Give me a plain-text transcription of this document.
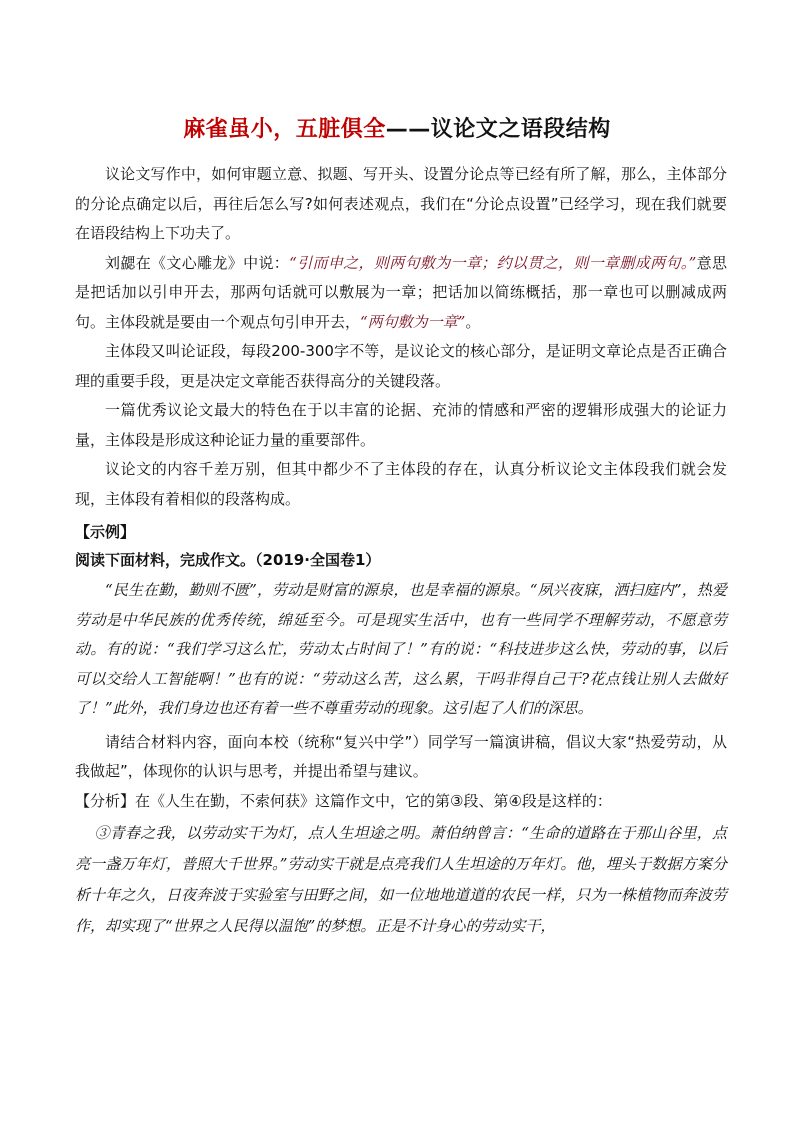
麻雀虽小，五脏俱全——议论文之语段结构

议论文写作中，如何审题立意、拟题、写开头、设置分论点等已经有所了解，那么，主体部分的分论点确定以后，再往后怎么写?如何表述观点，我们在“分论点设置”已经学习，现在我们就要在语段结构上下功夫了。

刘勰在《文心雕龙》中说：“引而申之，则两句敷为一章；约以贯之，则一章删成两句。”意思是把话加以引申开去，那两句话就可以敷展为一章；把话加以简练概括，那一章也可以删减成两句。主体段就是要由一个观点句引申开去，“两句敷为一章”。

主体段又叫论证段，每段200-300字不等，是议论文的核心部分，是证明文章论点是否正确合理的重要手段，更是决定文章能否获得高分的关键段落。

一篇优秀议论文最大的特色在于以丰富的论据、充沛的情感和严密的逻辑形成强大的论证力量，主体段是形成这种论证力量的重要部件。

议论文的内容千差万别，但其中都少不了主体段的存在，认真分析议论文主体段我们就会发现，主体段有着相似的段落构成。

【示例】

阅读下面材料，完成作文。（2019·全国卷1）

“民生在勤，勤则不匮”，劳动是财富的源泉，也是幸福的源泉。“夙兴夜寐，洒扫庭内”，热爱劳动是中华民族的优秀传统，绵延至今。可是现实生活中，也有一些同学不理解劳动，不愿意劳动。有的说：“我们学习这么忙，劳动太占时间了！”有的说：“科技进步这么快，劳动的事，以后可以交给人工智能啊！”也有的说：“劳动这么苦，这么累，干吗非得自己干?花点钱让别人去做好了！”此外，我们身边也还有着一些不尊重劳动的现象。这引起了人们的深思。

请结合材料内容，面向本校（统称“复兴中学”）同学写一篇演讲稿，倡议大家“热爱劳动，从我做起”，体现你的认识与思考，并提出希望与建议。

【分析】在《人生在勤，不索何获》这篇作文中，它的第③段、第④段是这样的：

③青春之我，以劳动实干为灯，点人生坦途之明。萧伯纳曾言：“生命的道路在于那山谷里，点亮一盏万年灯，普照大千世界。”劳动实干就是点亮我们人生坦途的万年灯。他，埋头于数据方案分析十年之久，日夜奔波于实验室与田野之间，如一位地地道道的农民一样，只为一株植物而奔波劳作，却实现了“世界之人民得以温饱”的梦想。正是不计身心的劳动实干，
